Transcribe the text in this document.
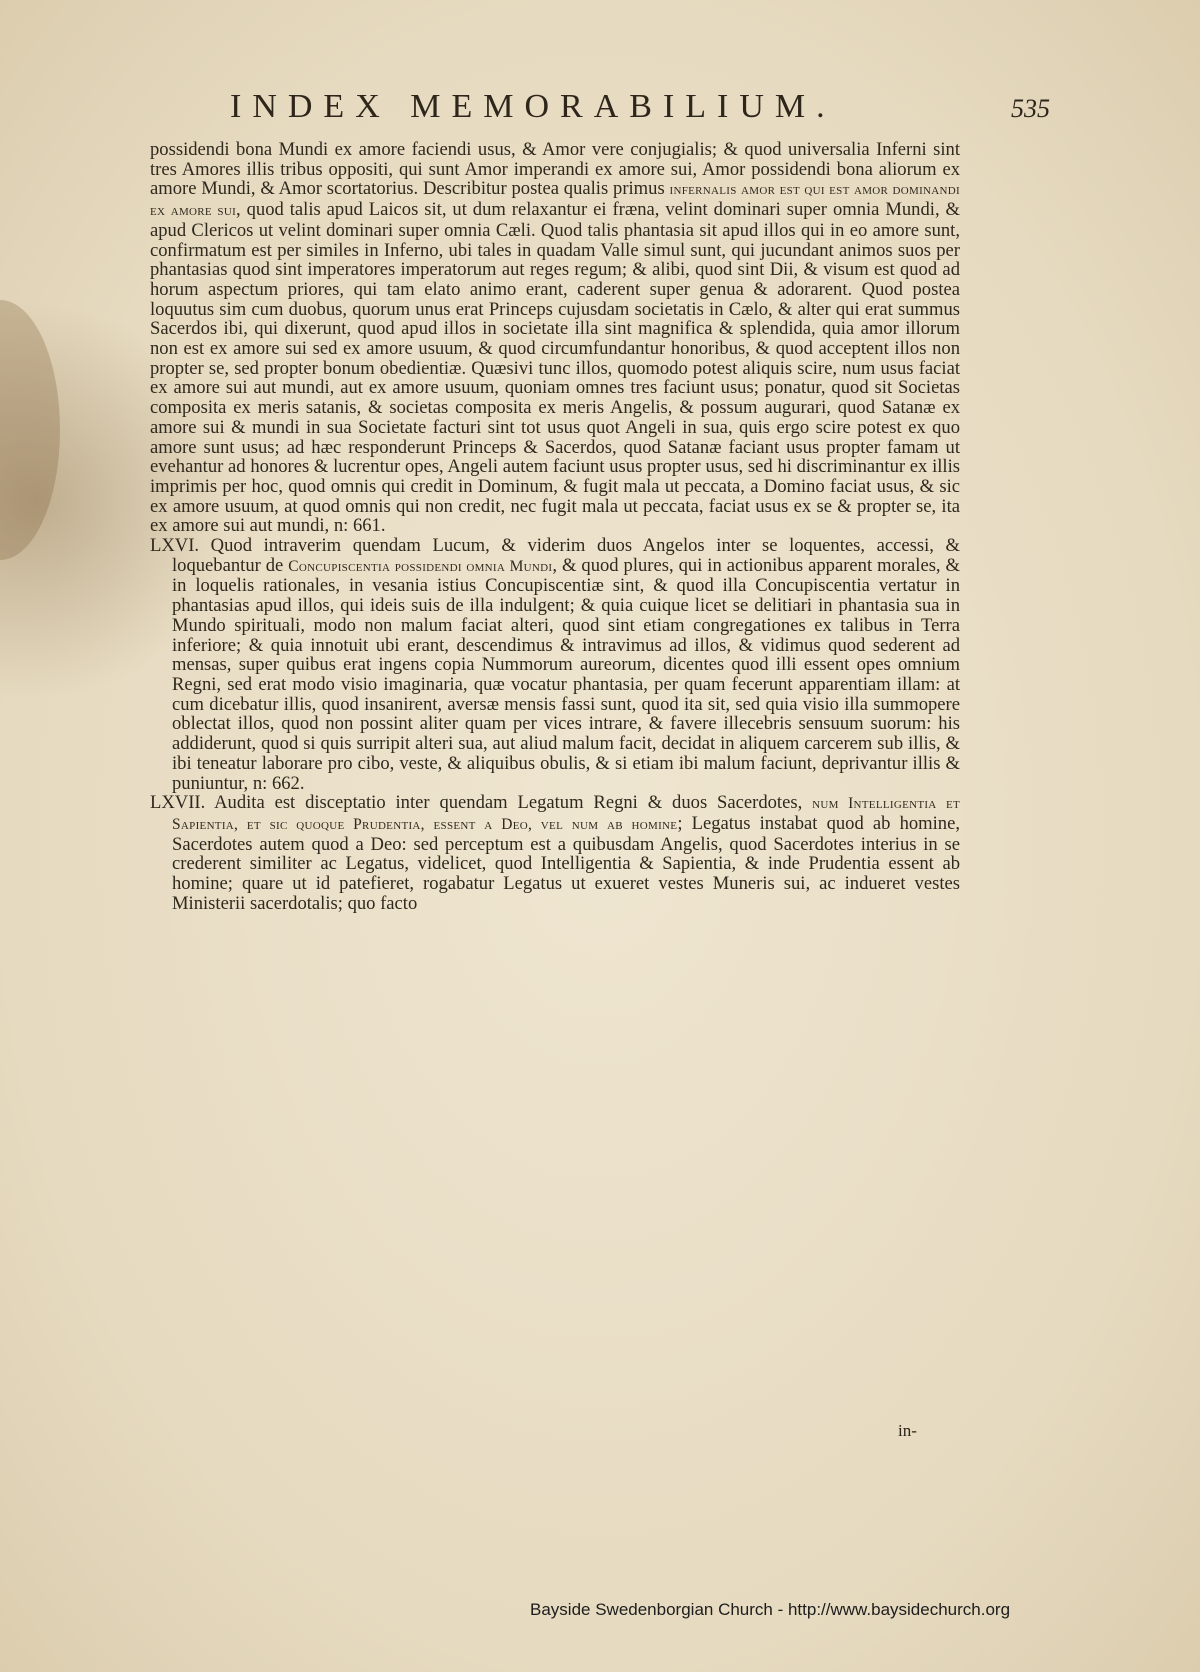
INDEX MEMORABILIUM.	535

possidendi bona Mundi ex amore faciendi usus, & Amor vere conjugialis; & quod universalia Inferni sint tres Amores illis tribus oppositi, qui sunt Amor imperandi ex amore sui, Amor possidendi bona aliorum ex amore Mundi, & Amor scortatorius. Describitur postea qualis primus infernalis amor est qui est amor dominandi ex amore sui, quod talis apud Laicos sit, ut dum relaxantur ei fræna, velint dominari super omnia Mundi, & apud Clericos ut velint dominari super omnia Cæli. Quod talis phantasia sit apud illos qui in eo amore sunt, confirmatum est per similes in Inferno, ubi tales in quadam Valle simul sunt, qui jucundant animos suos per phantasias quod sint imperatores imperatorum aut reges regum; & alibi, quod sint Dii, & visum est quod ad horum aspectum priores, qui tam elato animo erant, caderent super genua & adorarent. Quod postea loquutus sim cum duobus, quorum unus erat Princeps cujusdam societatis in Cælo, & alter qui erat summus Sacerdos ibi, qui dixerunt, quod apud illos in societate illa sint magnifica & splendida, quia amor illorum non est ex amore sui sed ex amore usuum, & quod circumfundantur honoribus, & quod acceptent illos non propter se, sed propter bonum obedientiæ. Quæsivi tunc illos, quomodo potest aliquis scire, num usus faciat ex amore sui aut mundi, aut ex amore usuum, quoniam omnes tres faciunt usus; ponatur, quod sit Societas composita ex meris satanis, & societas composita ex meris Angelis, & possum augurari, quod Satanæ ex amore sui & mundi in sua Societate facturi sint tot usus quot Angeli in sua, quis ergo scire potest ex quo amore sunt usus; ad hæc responderunt Princeps & Sacerdos, quod Satanæ faciant usus propter famam ut evehantur ad honores & lucrentur opes, Angeli autem faciunt usus propter usus, sed hi discriminantur ex illis imprimis per hoc, quod omnis qui credit in Dominum, & fugit mala ut peccata, a Domino faciat usus, & sic ex amore usuum, at quod omnis qui non credit, nec fugit mala ut peccata, faciat usus ex se & propter se, ita ex amore sui aut mundi, n: 661.

LXVI. Quod intraverim quendam Lucum, & viderim duos Angelos inter se loquentes, accessi, & loquebantur de Concupiscentia possidendi omnia Mundi, & quod plures, qui in actionibus apparent morales, & in loquelis rationales, in vesania istius Concupiscentiæ sint, & quod illa Concupiscentia vertatur in phantasias apud illos, qui ideis suis de illa indulgent; & quia cuique licet se delitiari in phantasia sua in Mundo spirituali, modo non malum faciat alteri, quod sint etiam congregationes ex talibus in Terra inferiore; & quia innotuit ubi erant, descendimus & intravimus ad illos, & vidimus quod sederent ad mensas, super quibus erat ingens copia Nummorum aureorum, dicentes quod illi essent opes omnium Regni, sed erat modo visio imaginaria, quæ vocatur phantasia, per quam fecerunt apparentiam illam: at cum dicebatur illis, quod insanirent, aversæ mensis fassi sunt, quod ita sit, sed quia visio illa summopere oblectat illos, quod non possint aliter quam per vices intrare, & favere illecebris sensuum suorum: his addiderunt, quod si quis surripit alteri sua, aut aliud malum facit, decidat in aliquem carcerem sub illis, & ibi teneatur laborare pro cibo, veste, & aliquibus obulis, & si etiam ibi malum faciunt, deprivantur illis & puniuntur, n: 662.

LXVII. Audita est disceptatio inter quendam Legatum Regni & duos Sacerdotes, num Intelligentia et Sapientia, et sic quoque Prudentia, essent a Deo, vel num ab homine; Legatus instabat quod ab homine, Sacerdotes autem quod a Deo: sed perceptum est a quibusdam Angelis, quod Sacerdotes interius in se crederent similiter ac Legatus, videlicet, quod Intelligentia & Sapientia, & inde Prudentia essent ab homine; quare ut id patefieret, rogabatur Legatus ut exueret vestes Muneris sui, ac indueret vestes Ministerii sacerdotalis; quo facto

in-
Bayside Swedenborgian Church - http://www.baysidechurch.org
